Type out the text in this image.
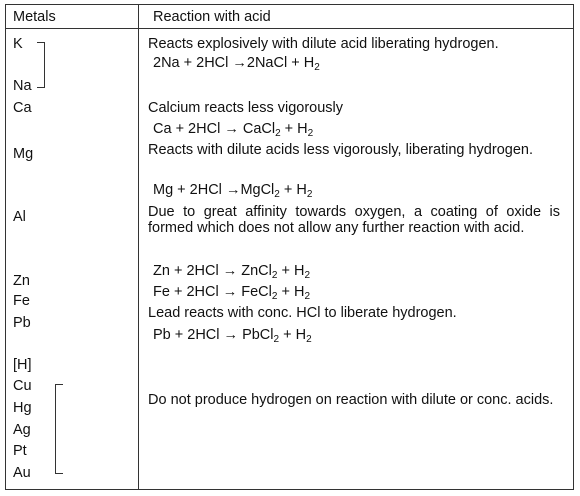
Metals	Reaction with acid
K
Na
Ca
Mg
Al
Zn
Fe
Pb
[H]
Cu
Hg
Ag
Pt
Au
Reacts explosively with dilute acid liberating hydrogen.
2Na + 2HCl →2NaCl + $H_2$
Calcium reacts less vigorously
Ca + 2HCl → CaCl$_2$ + $H_2$
Reacts with dilute acids less vigorously, liberating hydrogen.
Mg + 2HCl →MgCl$_2$ + $H_2$
Due to great affinity towards oxygen, a coating of oxide is formed which does not allow any further reaction with acid.
Zn + 2HCl → ZnCl$_2$ + $H_2$
Fe + 2HCl → FeCl$_2$ + $H_2$
Lead reacts with conc. HCl to liberate hydrogen.
Pb + 2HCl → PbCl$_2$ + $H_2$
Do not produce hydrogen on reaction with dilute or conc. acids.
